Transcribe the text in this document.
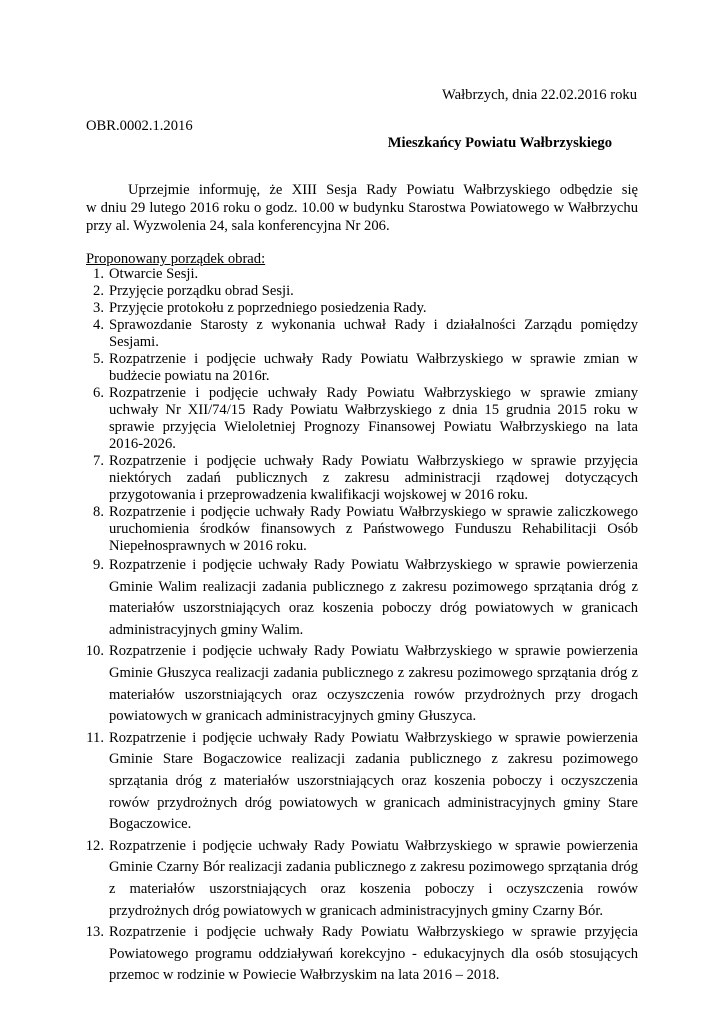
Wałbrzych, dnia 22.02.2016 roku
OBR.0002.1.2016
Mieszkańcy Powiatu Wałbrzyskiego

Uprzejmie informuję, że XIII Sesja Rady Powiatu Wałbrzyskiego odbędzie się
w dniu 29 lutego 2016 roku o godz. 10.00 w budynku Starostwa Powiatowego w Wałbrzychu
przy al. Wyzwolenia 24, sala konferencyjna Nr 206.

Proponowany porządek obrad:
1. Otwarcie Sesji.
2. Przyjęcie porządku obrad Sesji.
3. Przyjęcie protokołu z poprzedniego posiedzenia Rady.
4. Sprawozdanie Starosty z wykonania uchwał Rady i działalności Zarządu pomiędzy Sesjami.
5. Rozpatrzenie i podjęcie uchwały Rady Powiatu Wałbrzyskiego w sprawie zmian w budżecie powiatu na 2016r.
6. Rozpatrzenie i podjęcie uchwały Rady Powiatu Wałbrzyskiego w sprawie zmiany uchwały Nr XII/74/15 Rady Powiatu Wałbrzyskiego z dnia 15 grudnia 2015 roku w sprawie przyjęcia Wieloletniej Prognozy Finansowej Powiatu Wałbrzyskiego na lata 2016-2026.
7. Rozpatrzenie i podjęcie uchwały Rady Powiatu Wałbrzyskiego w sprawie przyjęcia niektórych zadań publicznych z zakresu administracji rządowej dotyczących przygotowania i przeprowadzenia kwalifikacji wojskowej w 2016 roku.
8. Rozpatrzenie i podjęcie uchwały Rady Powiatu Wałbrzyskiego w sprawie zaliczkowego uruchomienia środków finansowych z Państwowego Funduszu Rehabilitacji Osób Niepełnosprawnych w 2016 roku.
9. Rozpatrzenie i podjęcie uchwały Rady Powiatu Wałbrzyskiego w sprawie powierzenia Gminie Walim realizacji zadania publicznego z zakresu pozimowego sprzątania dróg z materiałów uszorstniających oraz koszenia poboczy dróg powiatowych w granicach administracyjnych gminy Walim.
10. Rozpatrzenie i podjęcie uchwały Rady Powiatu Wałbrzyskiego w sprawie powierzenia Gminie Głuszyca realizacji zadania publicznego z zakresu pozimowego sprzątania dróg z materiałów uszorstniających oraz oczyszczenia rowów przydrożnych przy drogach powiatowych w granicach administracyjnych gminy Głuszyca.
11. Rozpatrzenie i podjęcie uchwały Rady Powiatu Wałbrzyskiego w sprawie powierzenia Gminie Stare Bogaczowice realizacji zadania publicznego z zakresu pozimowego sprzątania dróg z materiałów uszorstniających oraz koszenia poboczy i oczyszczenia rowów przydrożnych dróg powiatowych w granicach administracyjnych gminy Stare Bogaczowice.
12. Rozpatrzenie i podjęcie uchwały Rady Powiatu Wałbrzyskiego w sprawie powierzenia Gminie Czarny Bór realizacji zadania publicznego z zakresu pozimowego sprzątania dróg z materiałów uszorstniających oraz koszenia poboczy i oczyszczenia rowów przydrożnych dróg powiatowych w granicach administracyjnych gminy Czarny Bór.
13. Rozpatrzenie i podjęcie uchwały Rady Powiatu Wałbrzyskiego w sprawie przyjęcia Powiatowego programu oddziaływań korekcyjno - edukacyjnych dla osób stosujących przemoc w rodzinie w Powiecie Wałbrzyskim na lata 2016 – 2018.
